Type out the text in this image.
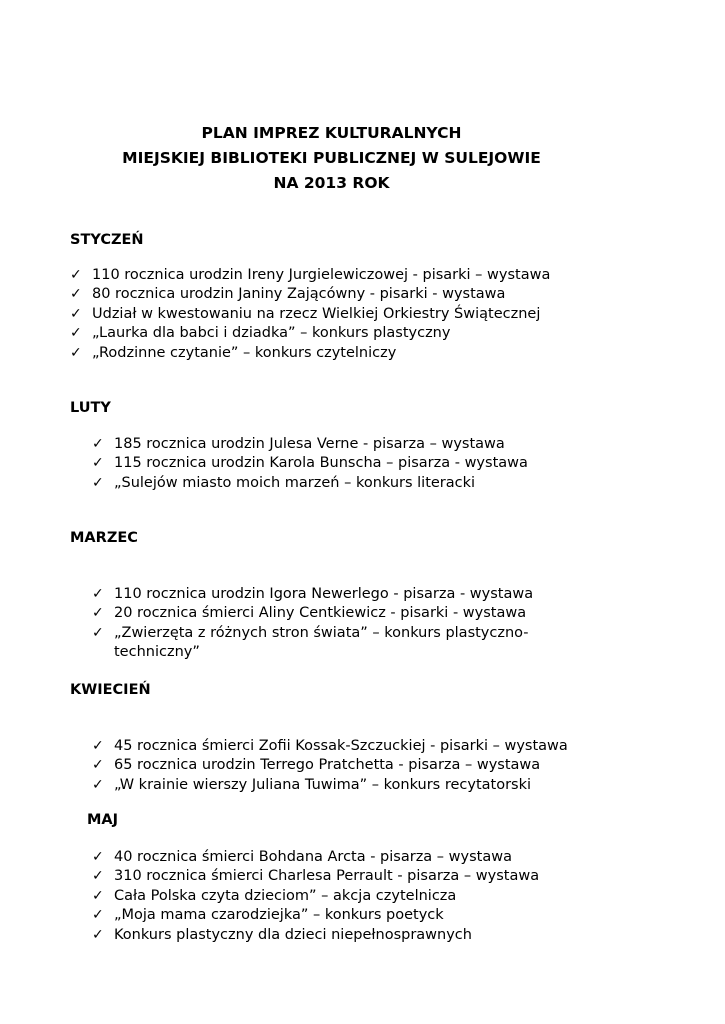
PLAN IMPREZ KULTURALNYCH
MIEJSKIEJ BIBLIOTEKI PUBLICZNEJ W SULEJOWIE
NA 2013 ROK
STYCZEŃ
✓ 110 rocznica urodzin Ireny Jurgielewiczowej - pisarki – wystawa
✓ 80 rocznica urodzin Janiny Zającówny - pisarki - wystawa
✓ Udział w kwestowaniu na rzecz Wielkiej Orkiestry Świątecznej
✓ „Laurka dla babci i dziadka” – konkurs plastyczny
✓ „Rodzinne czytanie” – konkurs czytelniczy
LUTY
✓ 185 rocznica urodzin Julesa Verne - pisarza – wystawa
✓ 115 rocznica urodzin Karola Bunscha – pisarza - wystawa
✓ „Sulejów miasto moich marzeń – konkurs literacki
MARZEC
✓ 110 rocznica urodzin Igora Newerlego - pisarza - wystawa
✓ 20 rocznica śmierci Aliny Centkiewicz - pisarki - wystawa
✓ „Zwierzęta z różnych stron świata” – konkurs plastyczno-techniczny”
KWIECIEŃ
✓ 45 rocznica śmierci Zofii Kossak-Szczuckiej - pisarki – wystawa
✓ 65 rocznica urodzin Terrego Pratchetta - pisarza – wystawa
✓ „W krainie wierszy Juliana Tuwima” – konkurs recytatorski
MAJ
✓ 40 rocznica śmierci Bohdana Arcta - pisarza – wystawa
✓ 310 rocznica śmierci Charlesa Perrault - pisarza – wystawa
✓ Cała Polska czyta dzieciom” – akcja czytelnicza
✓ „Moja mama czarodziejka” – konkurs poetyck
✓ Konkurs plastyczny dla dzieci niepełnosprawnych
